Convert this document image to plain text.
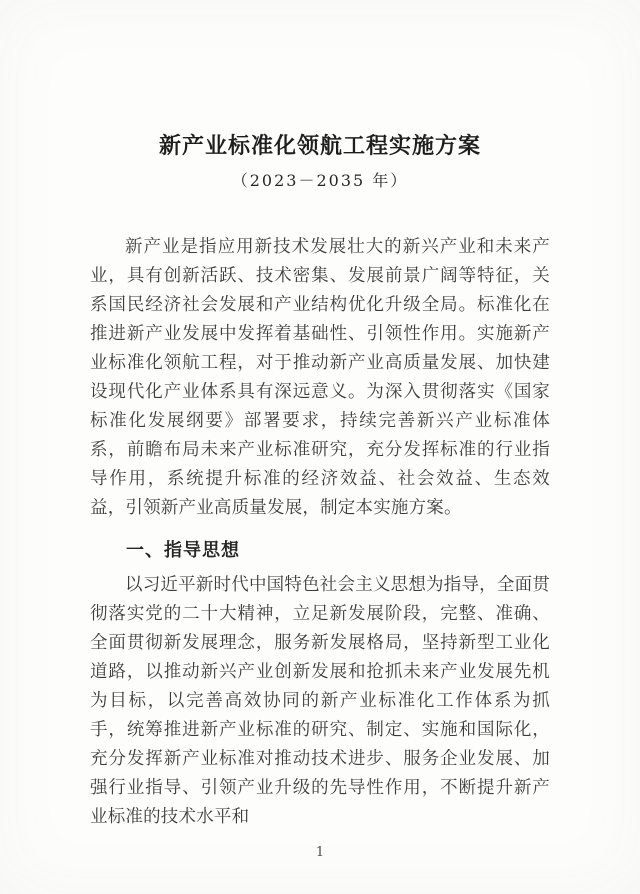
新产业标准化领航工程实施方案
（2023－2035 年）

新产业是指应用新技术发展壮大的新兴产业和未来产业，具有创新活跃、技术密集、发展前景广阔等特征，关系国民经济社会发展和产业结构优化升级全局。标准化在推进新产业发展中发挥着基础性、引领性作用。实施新产业标准化领航工程，对于推动新产业高质量发展、加快建设现代化产业体系具有深远意义。为深入贯彻落实《国家标准化发展纲要》部署要求，持续完善新兴产业标准体系，前瞻布局未来产业标准研究，充分发挥标准的行业指导作用，系统提升标准的经济效益、社会效益、生态效益，引领新产业高质量发展，制定本实施方案。

一、指导思想

以习近平新时代中国特色社会主义思想为指导，全面贯彻落实党的二十大精神，立足新发展阶段，完整、准确、全面贯彻新发展理念，服务新发展格局，坚持新型工业化道路，以推动新兴产业创新发展和抢抓未来产业发展先机为目标，以完善高效协同的新产业标准化工作体系为抓手，统筹推进新产业标准的研究、制定、实施和国际化，充分发挥新产业标准对推动技术进步、服务企业发展、加强行业指导、引领产业升级的先导性作用，不断提升新产业标准的技术水平和

1
